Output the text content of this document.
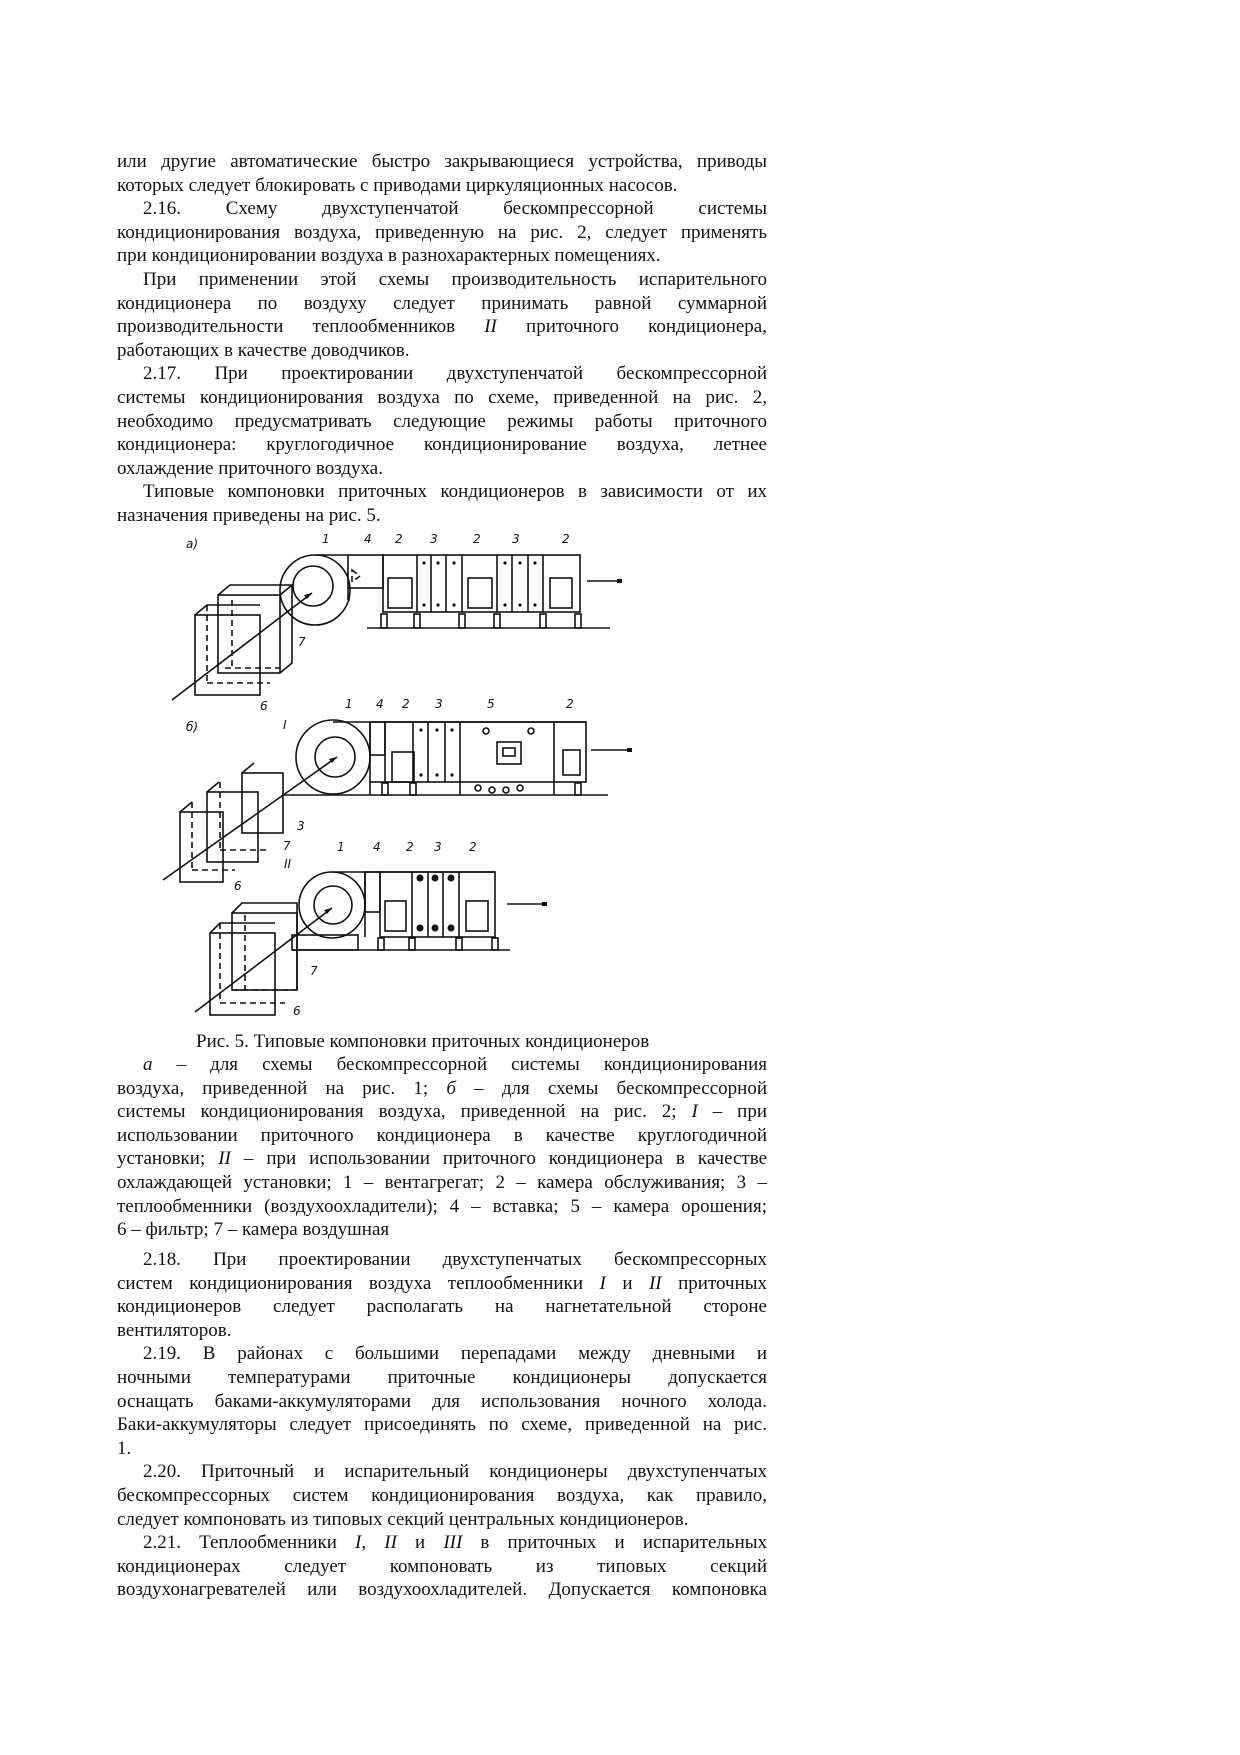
или другие автоматические быстро закрывающиеся устройства, приводы
которых следует блокировать с приводами циркуляционных насосов.
2.16. Схему двухступенчатой бескомпрессорной системы
кондиционирования воздуха, приведенную на рис. 2, следует применять
при кондиционировании воздуха в разнохарактерных помещениях.
При применении этой схемы производительность испарительного
кондиционера по воздуху следует принимать равной суммарной
производительности теплообменников II приточного кондиционера,
работающих в качестве доводчиков.
2.17. При проектировании двухступенчатой бескомпрессорной
системы кондиционирования воздуха по схеме, приведенной на рис. 2,
необходимо предусматривать следующие режимы работы приточного
кондиционера: круглогодичное кондиционирование воздуха, летнее
охлаждение приточного воздуха.
Типовые компоновки приточных кондиционеров в зависимости от их
назначения приведены на рис. 5.
Рис. 5. Типовые компоновки приточных кондиционеров
а – для схемы бескомпрессорной системы кондиционирования
воздуха, приведенной на рис. 1; б – для схемы бескомпрессорной
системы кондиционирования воздуха, приведенной на рис. 2; I – при
использовании приточного кондиционера в качестве круглогодичной
установки; II – при использовании приточного кондиционера в качестве
охлаждающей установки; 1 – вентагрегат; 2 – камера обслуживания; 3 –
теплообменники (воздухоохладители); 4 – вставка; 5 – камера орошения;
6 – фильтр; 7 – камера воздушная
2.18. При проектировании двухступенчатых бескомпрессорных
систем кондиционирования воздуха теплообменники I и II приточных
кондиционеров следует располагать на нагнетательной стороне
вентиляторов.
2.19. В районах с большими перепадами между дневными и
ночными температурами приточные кондиционеры допускается
оснащать баками-аккумуляторами для использования ночного холода.
Баки-аккумуляторы следует присоединять по схеме, приведенной на рис.
1.
2.20. Приточный и испарительный кондиционеры двухступенчатых
бескомпрессорных систем кондиционирования воздуха, как правило,
следует компоновать из типовых секций центральных кондиционеров.
2.21. Теплообменники I, II и III в приточных и испарительных
кондиционерах следует компоновать из типовых секций
воздухонагревателей или воздухоохладителей. Допускается компоновка
а)	1	4 2 3	2	3	2
7
6
б)
1 4 2 3	5	2
I
3
7
6
II
1 4 2 3 2
7
6
